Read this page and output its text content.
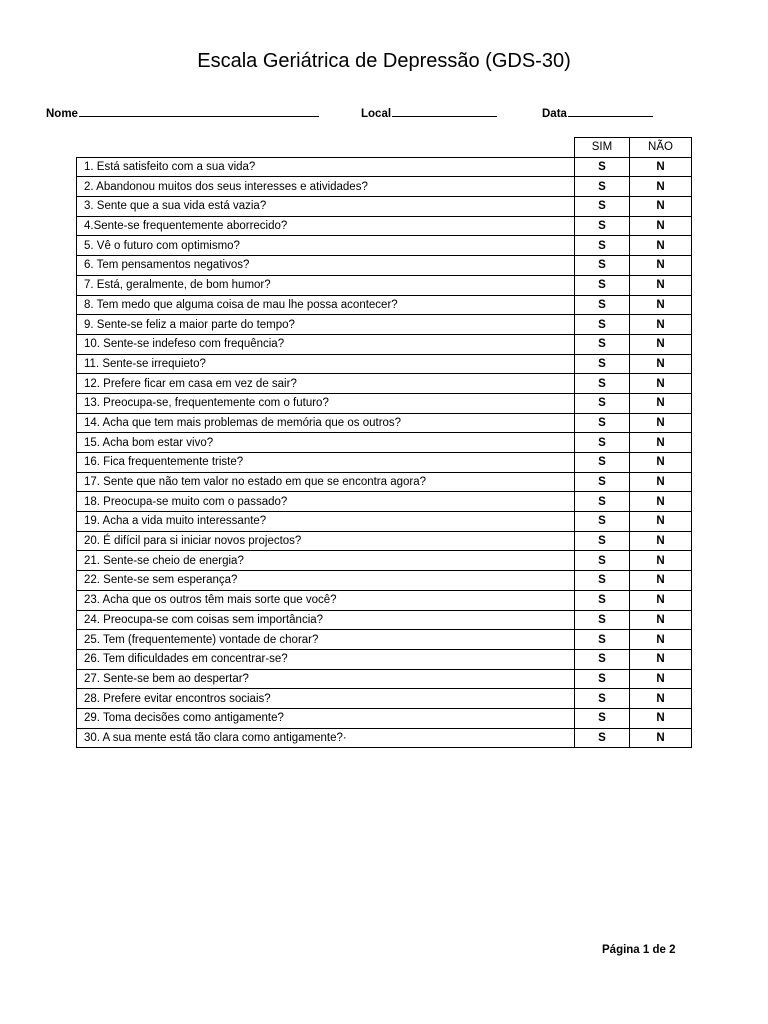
Escala Geriátrica de Depressão (GDS-30)
Nome	Local	Data
	SIM	NÃO
1. Está satisfeito com a sua vida?	S	N
2. Abandonou muitos dos seus interesses e atividades?	S	N
3. Sente que a sua vida está vazia?	S	N
4.Sente-se frequentemente aborrecido?	S	N
5. Vê o futuro com optimismo?	S	N
6. Tem pensamentos negativos?	S	N
7. Está, geralmente, de bom humor?	S	N
8. Tem medo que alguma coisa de mau lhe possa acontecer?	S	N
9. Sente-se feliz a maior parte do tempo?	S	N
10. Sente-se indefeso com frequência?	S	N
11. Sente-se irrequieto?	S	N
12. Prefere ficar em casa em vez de sair?	S	N
13. Preocupa-se, frequentemente com o futuro?	S	N
14. Acha que tem mais problemas de memória que os outros?	S	N
15. Acha bom estar vivo?	S	N
16. Fica frequentemente triste?	S	N
17. Sente que não tem valor no estado em que se encontra agora?	S	N
18. Preocupa-se muito com o passado?	S	N
19. Acha a vida muito interessante?	S	N
20. É difícil para si iniciar novos projectos?	S	N
21. Sente-se cheio de energia?	S	N
22. Sente-se sem esperança?	S	N
23. Acha que os outros têm mais sorte que você?	S	N
24. Preocupa-se com coisas sem importância?	S	N
25. Tem (frequentemente) vontade de chorar?	S	N
26. Tem dificuldades em concentrar-se?	S	N
27. Sente-se bem ao despertar?	S	N
28. Prefere evitar encontros sociais?	S	N
29. Toma decisões como antigamente?	S	N
30. A sua mente está tão clara como antigamente?·	S	N
Página 1 de 2
